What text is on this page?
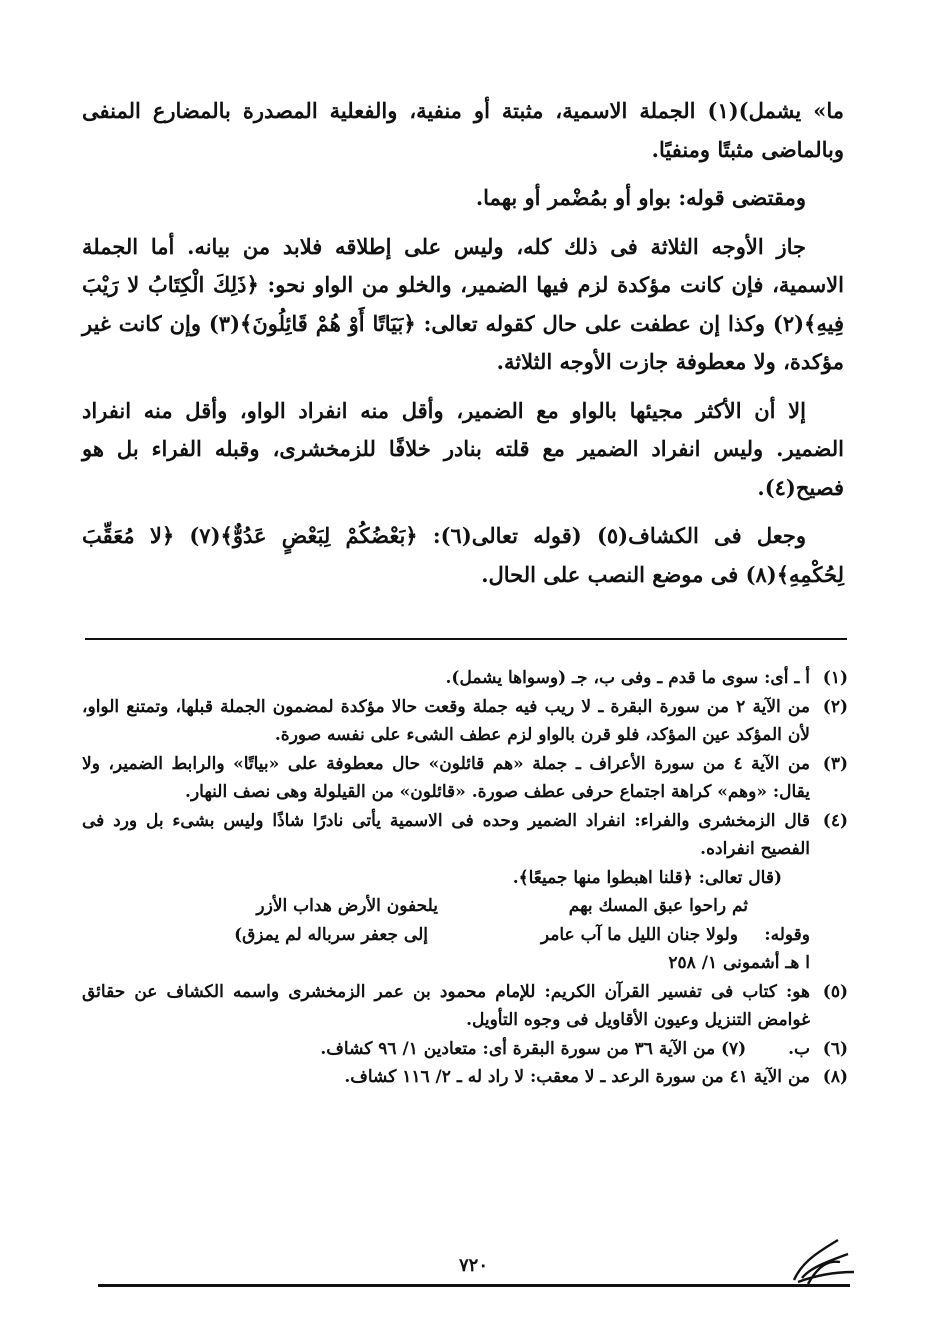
ما» يشمل)(١) الجملة الاسمية، مثبتة أو منفية، والفعلية المصدرة بالمضارع المنفى وبالماضى مثبتًا ومنفيًا.

ومقتضى قوله: بواو أو بمُضْمر أو بهما.

جاز الأوجه الثلاثة فى ذلك كله، وليس على إطلاقه فلابد من بيانه. أما الجملة الاسمية، فإن كانت مؤكدة لزم فيها الضمير، والخلو من الواو نحو: ﴿ذَلِكَ الْكِتَابُ لا رَيْبَ فِيهِ﴾(٢) وكذا إن عطفت على حال كقوله تعالى: ﴿بَيَاتًا أَوْ هُمْ قَائِلُونَ﴾(٣) وإن كانت غير مؤكدة، ولا معطوفة جازت الأوجه الثلاثة.

إلا أن الأكثر مجيئها بالواو مع الضمير، وأقل منه انفراد الواو، وأقل منه انفراد الضمير. وليس انفراد الضمير مع قلته بنادر خلافًا للزمخشرى، وقبله الفراء بل هو فصيح(٤).

وجعل فى الكشاف(٥) (قوله تعالى(٦): ﴿بَعْضُكُمْ لِبَعْضٍ عَدُوٌّ﴾(٧) ﴿لا مُعَقِّبَ لِحُكْمِهِ﴾(٨) فى موضع النصب على الحال.

(١)
أ ـ أى: سوى ما قدم ـ وفى ب، جـ (وسواها يشمل).
(٢)
من الآية ٢ من سورة البقرة ـ لا ريب فيه جملة وقعت حالا مؤكدة لمضمون الجملة قبلها، وتمتنع الواو، لأن المؤكد عين المؤكد، فلو قرن بالواو لزم عطف الشىء على نفسه صورة.
(٣)
من الآية ٤ من سورة الأعراف ـ جملة «هم قائلون» حال معطوفة على «بياتًا» والرابط الضمير، ولا يقال: «وهم» كراهة اجتماع حرفى عطف صورة. «قائلون» من القيلولة وهى نصف النهار.
(٤)
قال الزمخشرى والفراء: انفراد الضمير وحده فى الاسمية يأتى نادرًا شاذًا وليس بشىء بل ورد فى الفصيح انفراده.
(قال تعالى: ﴿قلنا اهبطوا منها جميعًا﴾.
ثم راحوا عبق المسك بهم
يلحفون الأرض هداب الأزر
وقوله:
ولولا جنان الليل ما آب عامر
إلى جعفر سرباله لم يمزق)
ا هـ أشمونى ١/ ٢٥٨
(٥)
هو: كتاب فى تفسير القرآن الكريم: للإمام محمود بن عمر الزمخشرى واسمه الكشاف عن حقائق غوامض التنزيل وعيون الأقاويل فى وجوه التأويل.
(٦)
ب.  (٧) من الآية ٣٦ من سورة البقرة أى: متعادين ١/ ٩٦ كشاف.
(٨)
من الآية ٤١ من سورة الرعد ـ لا معقب: لا راد له ـ ٢/ ١١٦ كشاف.
٧٢٠
